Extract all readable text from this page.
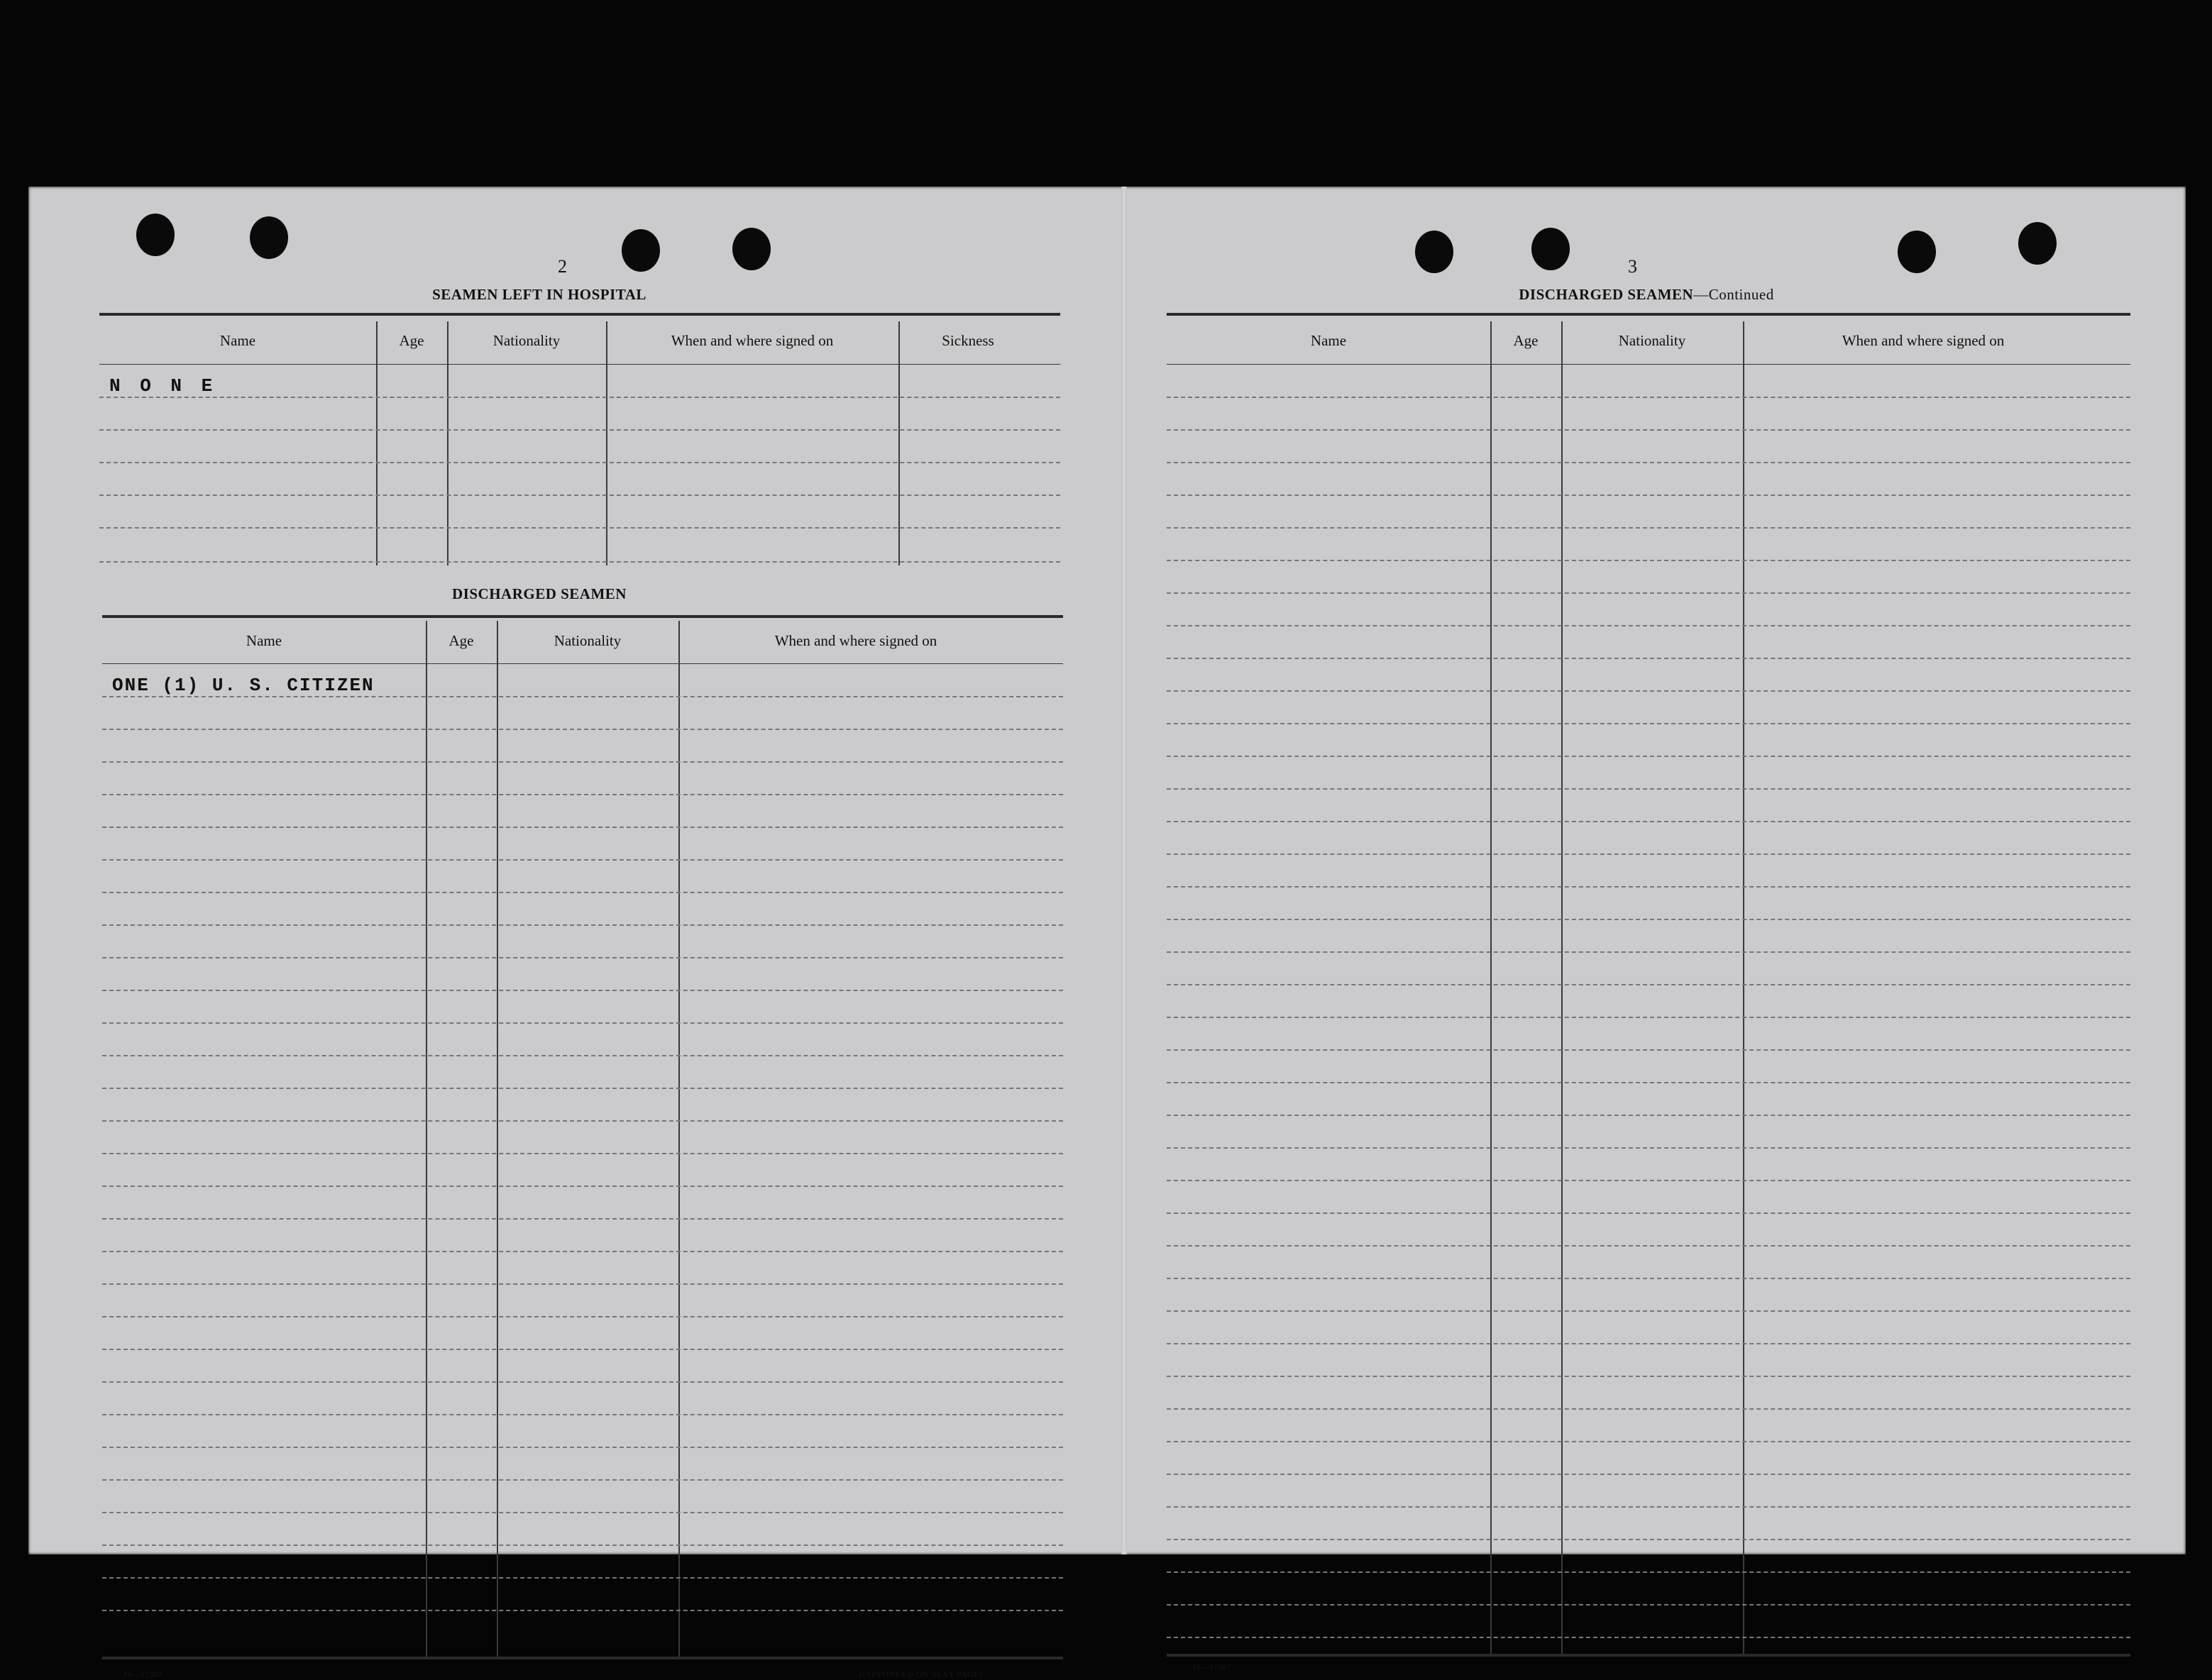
2
SEAMEN LEFT IN HOSPITAL
Name	Age	Nationality	When and where signed on	Sickness
N O N E
DISCHARGED SEAMEN
Name	Age	Nationality	When and where signed on
ONE (1) U. S. CITIZEN
16—17387	[CONTINUED ON NEXT PAGE]
3
DISCHARGED SEAMEN—Continued
Name	Age	Nationality	When and where signed on
16—17387
